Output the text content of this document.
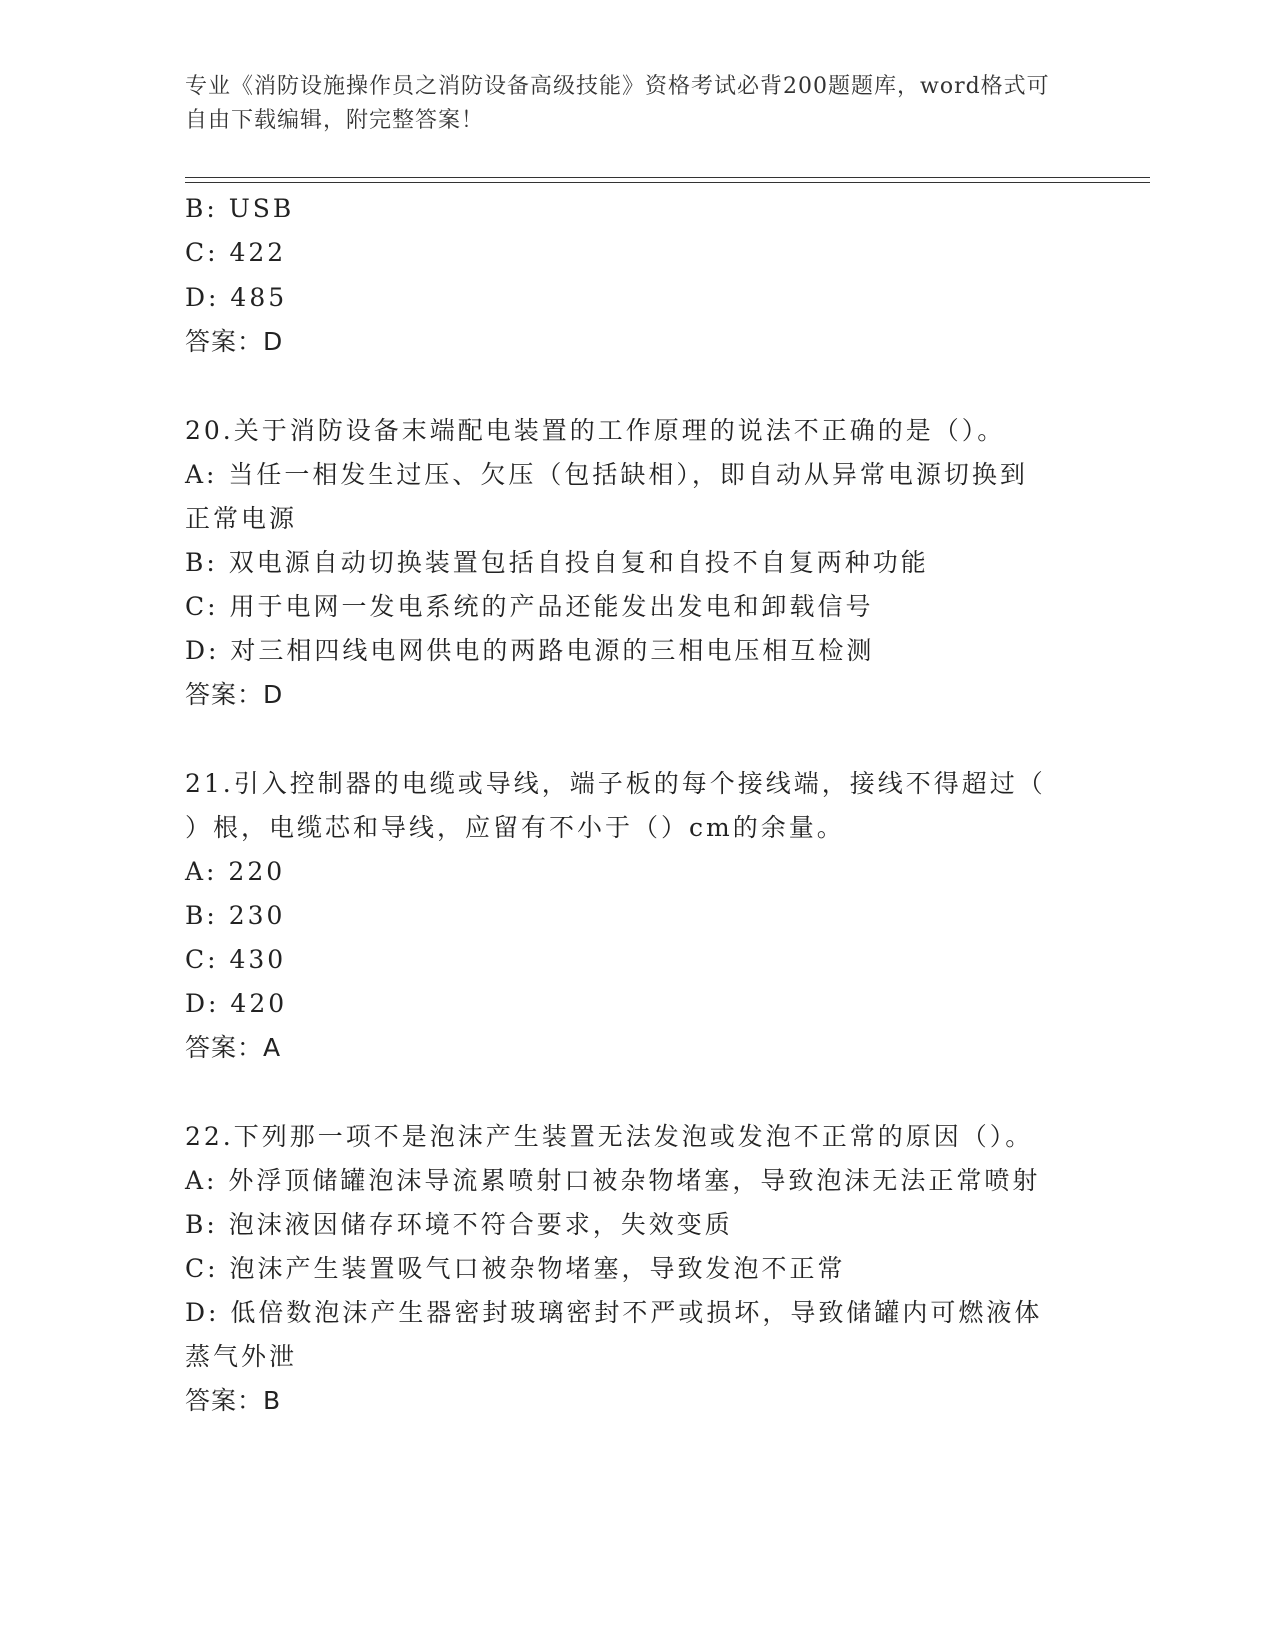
专业《消防设施操作员之消防设备高级技能》资格考试必背200题题库，word格式可自由下载编辑，附完整答案！
B: USB
C: 422
D: 485
答案：D
20.关于消防设备末端配电装置的工作原理的说法不正确的是（）。
A: 当任一相发生过压、欠压（包括缺相），即自动从异常电源切换到
正常电源
B: 双电源自动切换装置包括自投自复和自投不自复两种功能
C: 用于电网一发电系统的产品还能发出发电和卸载信号
D: 对三相四线电网供电的两路电源的三相电压相互检测
答案：D
21.引入控制器的电缆或导线，端子板的每个接线端，接线不得超过（
）根，电缆芯和导线，应留有不小于（）cm的余量。
A: 220
B: 230
C: 430
D: 420
答案：A
22.下列那一项不是泡沫产生装置无法发泡或发泡不正常的原因（）。
A: 外浮顶储罐泡沫导流累喷射口被杂物堵塞，导致泡沫无法正常喷射
B: 泡沫液因储存环境不符合要求，失效变质
C: 泡沫产生装置吸气口被杂物堵塞，导致发泡不正常
D: 低倍数泡沫产生器密封玻璃密封不严或损坏，导致储罐内可燃液体
蒸气外泄
答案：B
